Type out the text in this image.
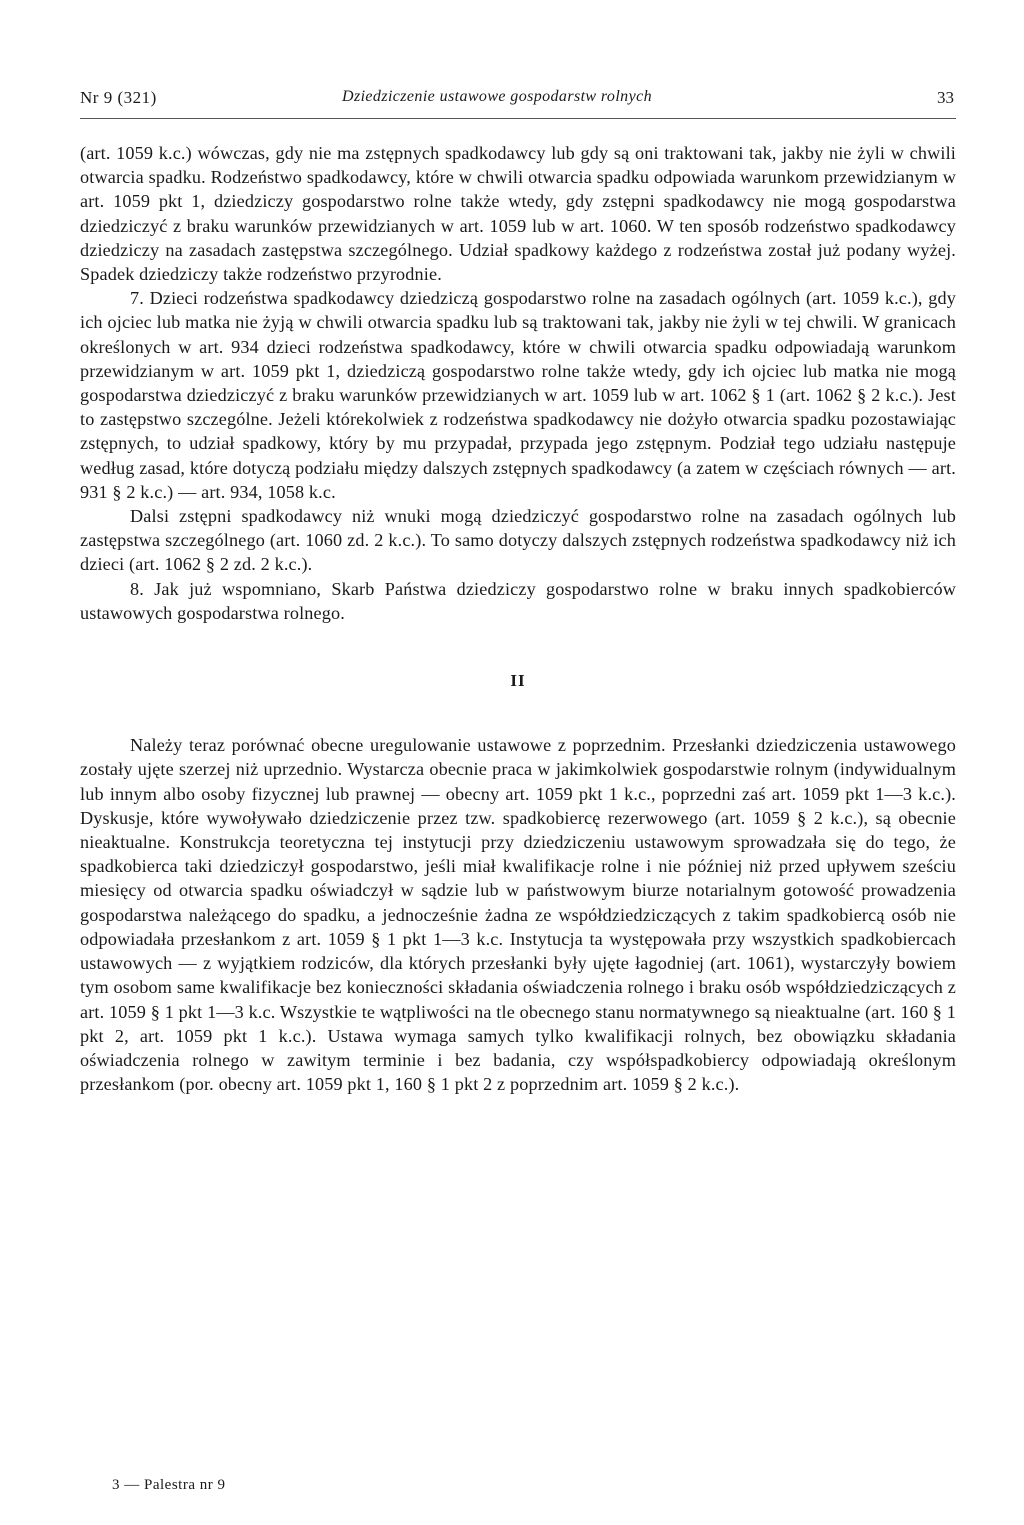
Nr 9 (321)	Dziedziczenie ustawowe gospodarstw rolnych	33

(art. 1059 k.c.) wówczas, gdy nie ma zstępnych spadkodawcy lub gdy są oni traktowani tak, jakby nie żyli w chwili otwarcia spadku. Rodzeństwo spadkodawcy, które w chwili otwarcia spadku odpowiada warunkom przewidzianym w art. 1059 pkt 1, dziedziczy gospodarstwo rolne także wtedy, gdy zstępni spadkodawcy nie mogą gospodarstwa dziedziczyć z braku warunków przewidzianych w art. 1059 lub w art. 1060. W ten sposób rodzeństwo spadkodawcy dziedziczy na zasadach zastępstwa szczególnego. Udział spadkowy każdego z rodzeństwa został już podany wyżej. Spadek dziedziczy także rodzeństwo przyrodnie.

7. Dzieci rodzeństwa spadkodawcy dziedziczą gospodarstwo rolne na zasadach ogólnych (art. 1059 k.c.), gdy ich ojciec lub matka nie żyją w chwili otwarcia spadku lub są traktowani tak, jakby nie żyli w tej chwili. W granicach określonych w art. 934 dzieci rodzeństwa spadkodawcy, które w chwili otwarcia spadku odpowiadają warunkom przewidzianym w art. 1059 pkt 1, dziedziczą gospodarstwo rolne także wtedy, gdy ich ojciec lub matka nie mogą gospodarstwa dziedziczyć z braku warunków przewidzianych w art. 1059 lub w art. 1062 § 1 (art. 1062 § 2 k.c.). Jest to zastępstwo szczególne. Jeżeli którekolwiek z rodzeństwa spadkodawcy nie dożyło otwarcia spadku pozostawiając zstępnych, to udział spadkowy, który by mu przypadał, przypada jego zstępnym. Podział tego udziału następuje według zasad, które dotyczą podziału między dalszych zstępnych spadkodawcy (a zatem w częściach równych — art. 931 § 2 k.c.) — art. 934, 1058 k.c.

Dalsi zstępni spadkodawcy niż wnuki mogą dziedziczyć gospodarstwo rolne na zasadach ogólnych lub zastępstwa szczególnego (art. 1060 zd. 2 k.c.). To samo dotyczy dalszych zstępnych rodzeństwa spadkodawcy niż ich dzieci (art. 1062 § 2 zd. 2 k.c.).

8. Jak już wspomniano, Skarb Państwa dziedziczy gospodarstwo rolne w braku innych spadkobierców ustawowych gospodarstwa rolnego.

II

Należy teraz porównać obecne uregulowanie ustawowe z poprzednim. Przesłanki dziedziczenia ustawowego zostały ujęte szerzej niż uprzednio. Wystarcza obecnie praca w jakimkolwiek gospodarstwie rolnym (indywidualnym lub innym albo osoby fizycznej lub prawnej — obecny art. 1059 pkt 1 k.c., poprzedni zaś art. 1059 pkt 1—3 k.c.). Dyskusje, które wywoływało dziedziczenie przez tzw. spadkobiercę rezerwowego (art. 1059 § 2 k.c.), są obecnie nieaktualne. Konstrukcja teoretyczna tej instytucji przy dziedziczeniu ustawowym sprowadzała się do tego, że spadkobierca taki dziedziczył gospodarstwo, jeśli miał kwalifikacje rolne i nie później niż przed upływem sześciu miesięcy od otwarcia spadku oświadczył w sądzie lub w państwowym biurze notarialnym gotowość prowadzenia gospodarstwa należącego do spadku, a jednocześnie żadna ze współdziedziczących z takim spadkobiercą osób nie odpowiadała przesłankom z art. 1059 § 1 pkt 1—3 k.c. Instytucja ta występowała przy wszystkich spadkobiercach ustawowych — z wyjątkiem rodziców, dla których przesłanki były ujęte łagodniej (art. 1061), wystarczyły bowiem tym osobom same kwalifikacje bez konieczności składania oświadczenia rolnego i braku osób współdziedziczących z art. 1059 § 1 pkt 1—3 k.c. Wszystkie te wątpliwości na tle obecnego stanu normatywnego są nieaktualne (art. 160 § 1 pkt 2, art. 1059 pkt 1 k.c.). Ustawa wymaga samych tylko kwalifikacji rolnych, bez obowiązku składania oświadczenia rolnego w zawitym terminie i bez badania, czy współspadkobiercy odpowiadają określonym przesłankom (por. obecny art. 1059 pkt 1, 160 § 1 pkt 2 z poprzednim art. 1059 § 2 k.c.).

3 — Palestra nr 9
